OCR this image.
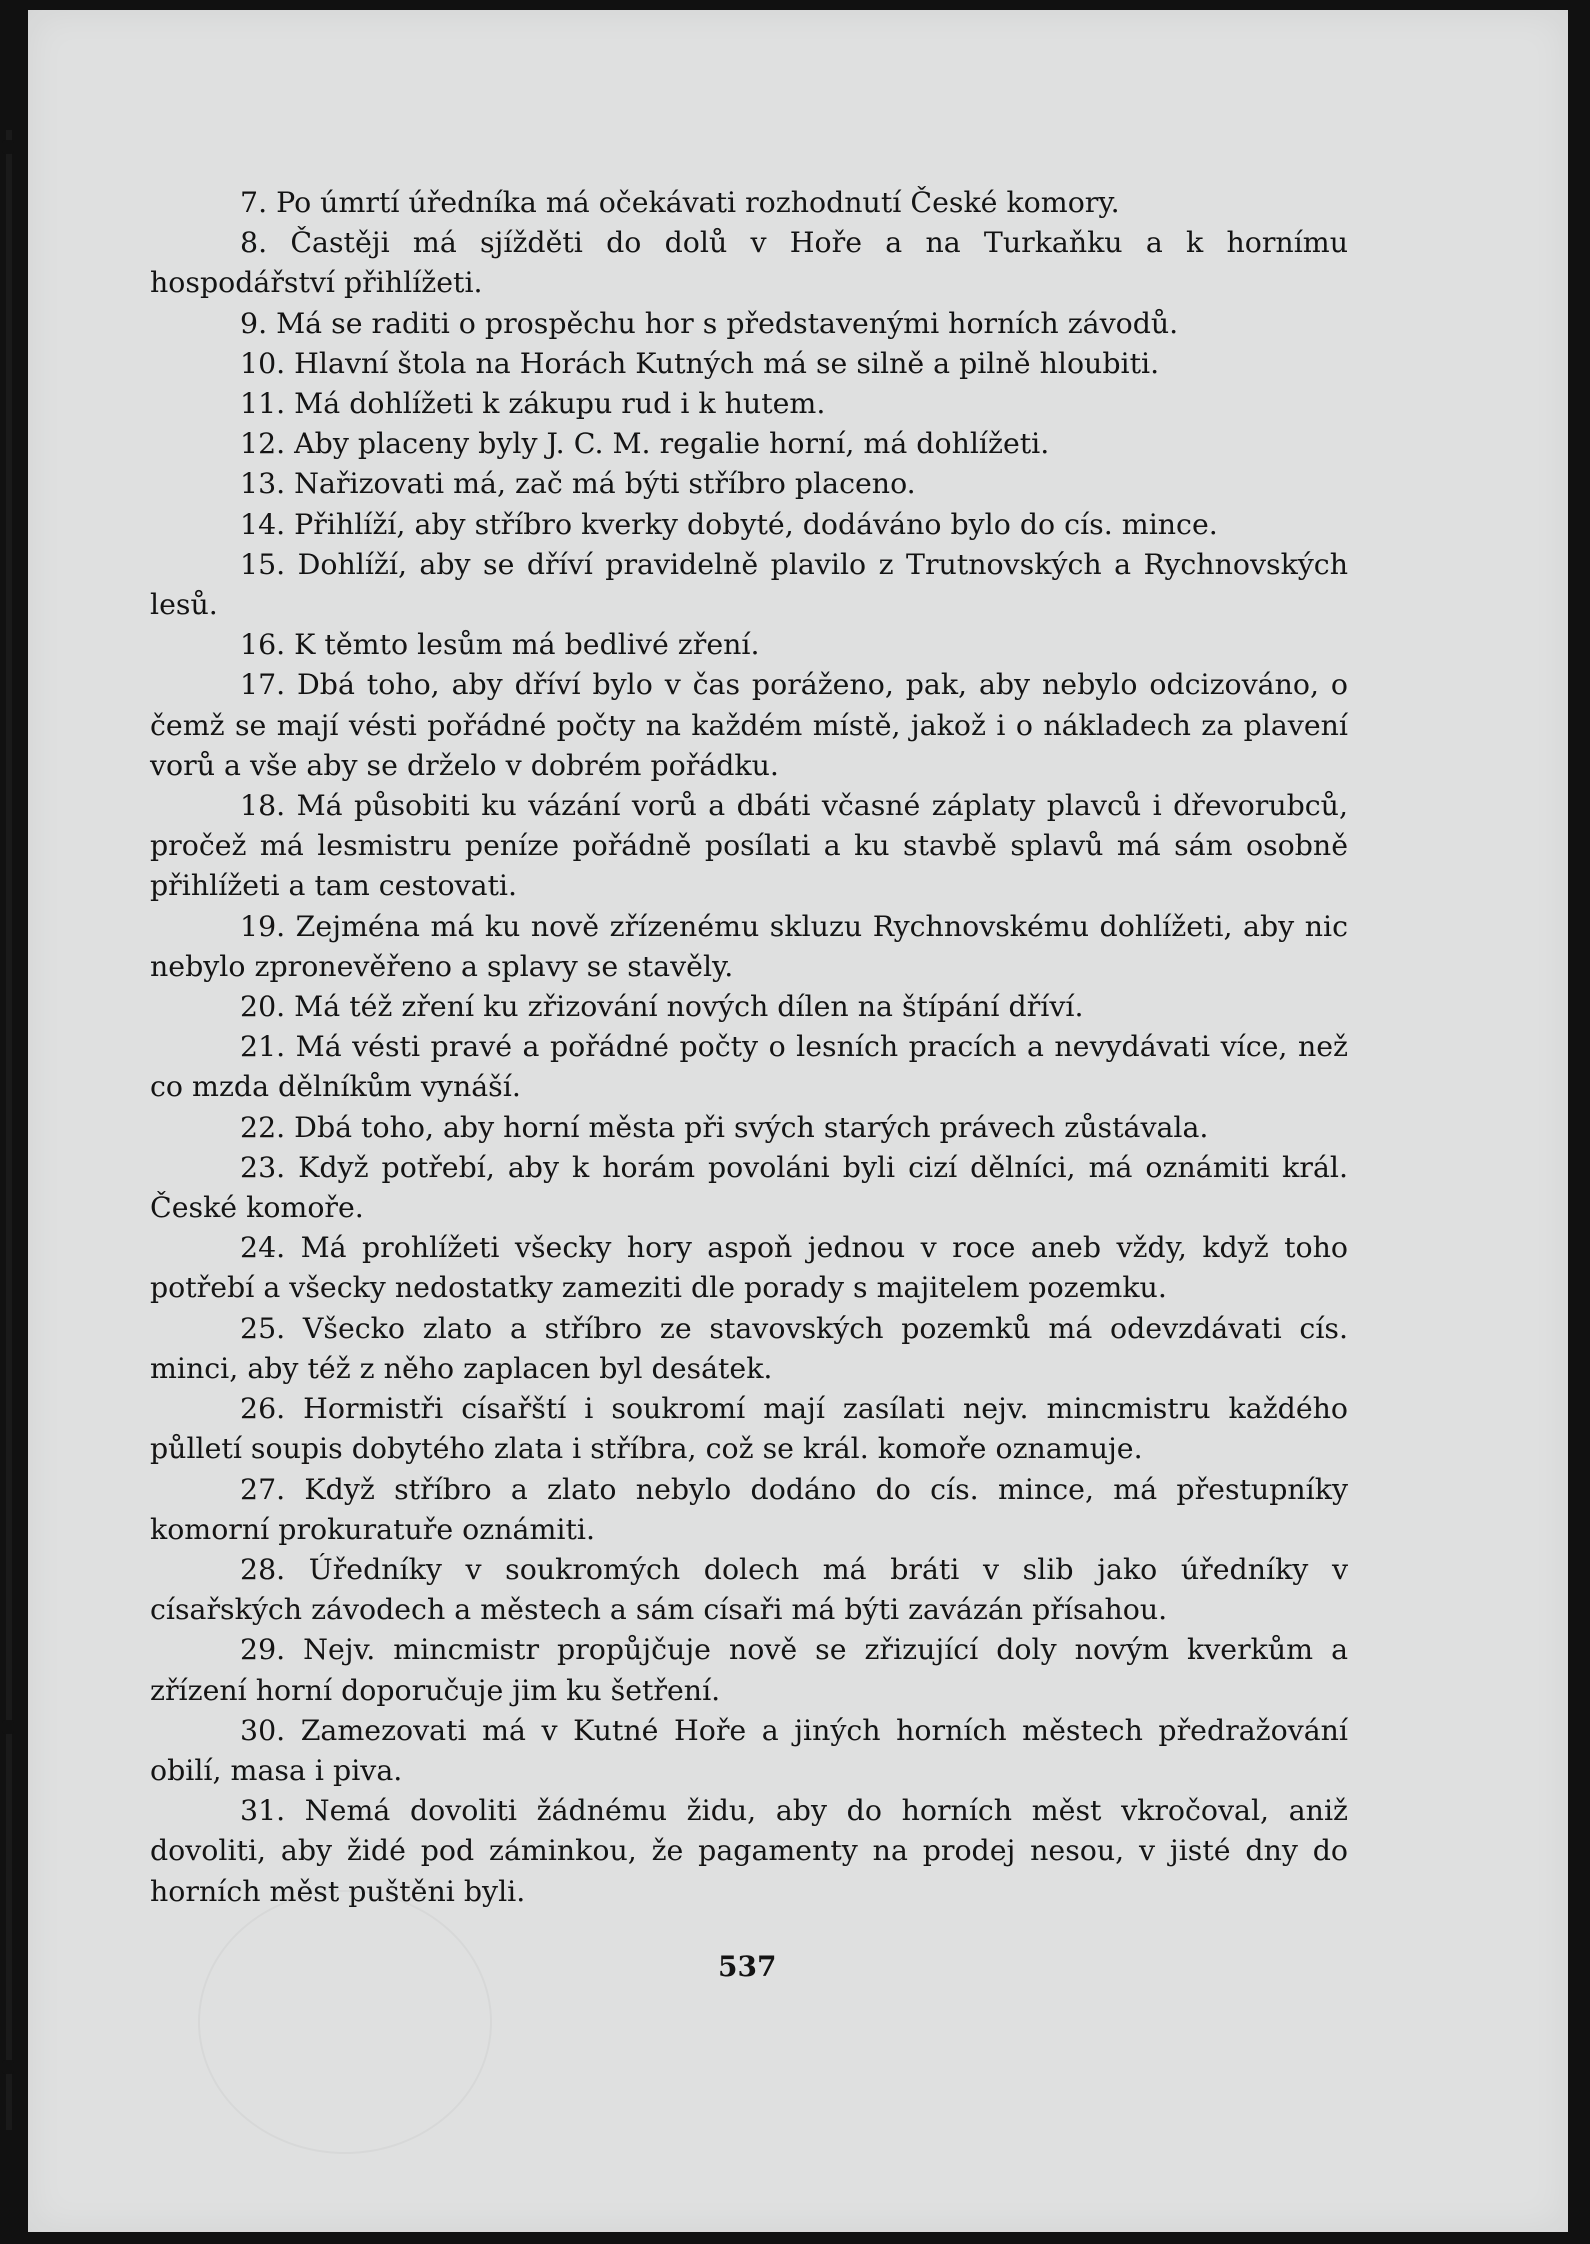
7. Po úmrtí úředníka má očekávati rozhodnutí České komory.

8. Častěji má sjížděti do dolů v Hoře a na Turkaňku a k hornímu hospodářství přihlížeti.

9. Má se raditi o prospěchu hor s představenými horních závodů.

10. Hlavní štola na Horách Kutných má se silně a pilně hloubiti.

11. Má dohlížeti k zákupu rud i k hutem.

12. Aby placeny byly J. C. M. regalie horní, má dohlížeti.

13. Nařizovati má, zač má býti stříbro placeno.

14. Přihlíží, aby stříbro kverky dobyté, dodáváno bylo do cís. mince.

15. Dohlíží, aby se dříví pravidelně plavilo z Trutnovských a Rychnovských lesů.

16. K těmto lesům má bedlivé zření.

17. Dbá toho, aby dříví bylo v čas poráženo, pak, aby nebylo odcizováno, o čemž se mají vésti pořádné počty na každém místě, jakož i o nákladech za plavení vorů a vše aby se drželo v dobrém pořádku.

18. Má působiti ku vázání vorů a dbáti včasné záplaty plavců i dřevorubců, pročež má lesmistru peníze pořádně posílati a ku stavbě splavů má sám osobně přihlížeti a tam cestovati.

19. Zejména má ku nově zřízenému skluzu Rychnovskému dohlížeti, aby nic nebylo zpronevěřeno a splavy se stavěly.

20. Má též zření ku zřizování nových dílen na štípání dříví.

21. Má vésti pravé a pořádné počty o lesních pracích a nevydávati více, než co mzda dělníkům vynáší.

22. Dbá toho, aby horní města při svých starých právech zůstávala.

23. Když potřebí, aby k horám povoláni byli cizí dělníci, má oznámiti král. České komoře.

24. Má prohlížeti všecky hory aspoň jednou v roce aneb vždy, když toho potřebí a všecky nedostatky zameziti dle porady s majitelem pozemku.

25. Všecko zlato a stříbro ze stavovských pozemků má odevzdávati cís. minci, aby též z něho zaplacen byl desátek.

26. Hormistři císařští i soukromí mají zasílati nejv. mincmistru každého půlletí soupis dobytého zlata i stříbra, což se král. komoře oznamuje.

27. Když stříbro a zlato nebylo dodáno do cís. mince, má přestupníky komorní prokuratuře oznámiti.

28. Úředníky v soukromých dolech má bráti v slib jako úředníky v císařských závodech a městech a sám císaři má býti zavázán přísahou.

29. Nejv. mincmistr propůjčuje nově se zřizující doly novým kverkům a zřízení horní doporučuje jim ku šetření.

30. Zamezovati má v Kutné Hoře a jiných horních městech předražování obilí, masa i piva.

31. Nemá dovoliti žádnému židu, aby do horních měst vkročoval, aniž dovoliti, aby židé pod záminkou, že pagamenty na prodej nesou, v jisté dny do horních měst puštěni byli.

537
